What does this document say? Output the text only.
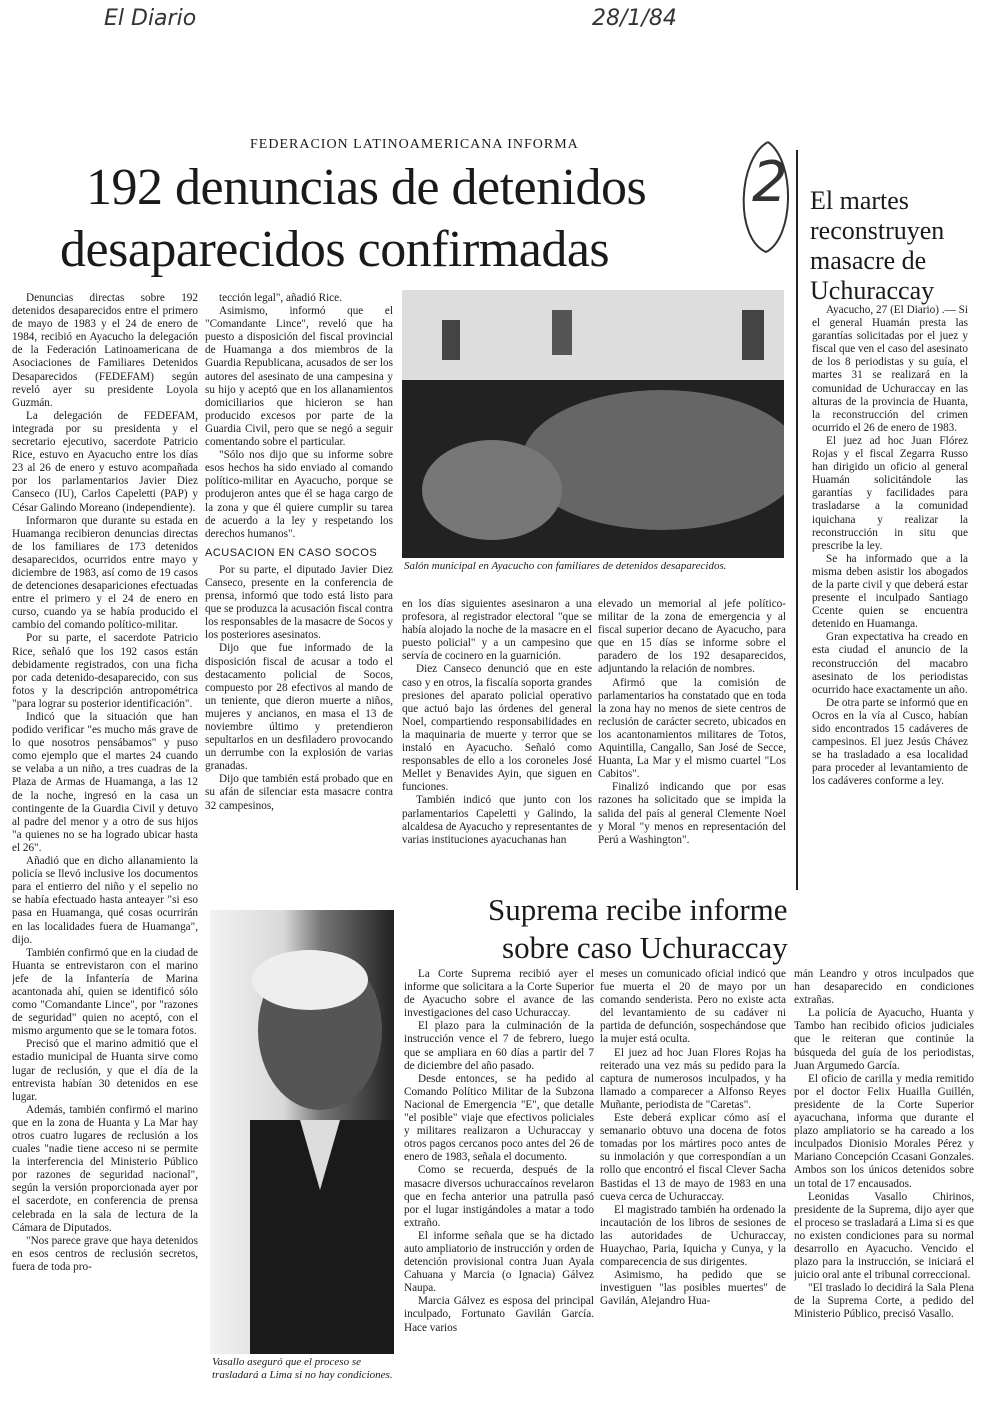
El Diario	28/1/84
2
FEDERACION LATINOAMERICANA INFORMA
192 denuncias de detenidos
desaparecidos confirmadas

Denuncias directas sobre 192 detenidos desaparecidos entre el primero de mayo de 1983 y el 24 de enero de 1984, recibió en Ayacucho la delegación de la Federación Latinoamericana de Asociaciones de Familiares Detenidos Desaparecidos (FEDEFAM) según reveló ayer su presidente Loyola Guzmán.

La delegación de FEDEFAM, integrada por su presidenta y el secretario ejecutivo, sacerdote Patricio Rice, estuvo en Ayacucho entre los días 23 al 26 de enero y estuvo acompañada por los parlamentarios Javier Diez Canseco (IU), Carlos Capeletti (PAP) y César Galindo Moreano (independiente).

Informaron que durante su estada en Huamanga recibieron denuncias directas de los familiares de 173 detenidos desaparecidos, ocurridos entre mayo y diciembre de 1983, así como de 19 casos de detenciones desapariciones efectuadas entre el primero y el 24 de enero en curso, cuando ya se había producido el cambio del comando político-militar.

Por su parte, el sacerdote Patricio Rice, señaló que los 192 casos están debidamente registrados, con una ficha por cada detenido-desaparecido, con sus fotos y la descripción antropométrica "para lograr su posterior identificación".

Indicó que la situación que han podido verificar "es mucho más grave de lo que nosotros pensábamos" y puso como ejemplo que el martes 24 cuando se velaba a un niño, a tres cuadras de la Plaza de Armas de Huamanga, a las 12 de la noche, ingresó en la casa un contingente de la Guardia Civil y detuvo al padre del menor y a otro de sus hijos "a quienes no se ha logrado ubicar hasta el 26".

Añadió que en dicho allanamiento la policía se llevó inclusive los documentos para el entierro del niño y el sepelio no se había efectuado hasta anteayer "si eso pasa en Huamanga, qué cosas ocurrirán en las localidades fuera de Huamanga", dijo.

También confirmó que en la ciudad de Huanta se entrevistaron con el marino jefe de la Infantería de Marina acantonada ahí, quien se identificó sólo como "Comandante Lince", por "razones de seguridad" quien no aceptó, con el mismo argumento que se le tomara fotos.

Precisó que el marino admitió que el estadio municipal de Huanta sirve como lugar de reclusión, y que el día de la entrevista habían 30 detenidos en ese lugar.

Además, también confirmó el marino que en la zona de Huanta y La Mar hay otros cuatro lugares de reclusión a los cuales "nadie tiene acceso ni se permite la interferencia del Ministerio Público por razones de seguridad nacional", según la versión proporcionada ayer por el sacerdote, en conferencia de prensa celebrada en la sala de lectura de la Cámara de Diputados.

"Nos parece grave que haya detenidos en esos centros de reclusión secretos, fuera de toda pro-

tección legal", añadió Rice.

Asimismo, informó que el "Comandante Lince", reveló que ha puesto a disposición del fiscal provincial de Huamanga a dos miembros de la Guardia Republicana, acusados de ser los autores del asesinato de una campesina y su hijo y aceptó que en los allanamientos domiciliarios que hicieron se han producido excesos por parte de la Guardia Civil, pero que se negó a seguir comentando sobre el particular.

"Sólo nos dijo que su informe sobre esos hechos ha sido enviado al comando político-militar en Ayacucho, porque se produjeron antes que él se haga cargo de la zona y que él quiere cumplir su tarea de acuerdo a la ley y respetando los derechos humanos".

ACUSACION EN CASO SOCOS

Por su parte, el diputado Javier Diez Canseco, presente en la conferencia de prensa, informó que todo está listo para que se produzca la acusación fiscal contra los responsables de la masacre de Socos y los posteriores asesinatos.

Dijo que fue informado de la disposición fiscal de acusar a todo el destacamento policial de Socos, compuesto por 28 efectivos al mando de un teniente, que dieron muerte a niños, mujeres y ancianos, en masa el 13 de noviembre último y pretendieron sepultarlos en un desfiladero provocando un derrumbe con la explosión de varias granadas.

Dijo que también está probado que en su afán de silenciar esta masacre contra 32 campesinos,

Salón municipal en Ayacucho con familiares de detenidos desaparecidos.

en los días siguientes asesinaron a una profesora, al registrador electoral "que se había alojado la noche de la masacre en el puesto policial" y a un campesino que servía de cocinero en la guarnición.

Diez Canseco denunció que en este caso y en otros, la fiscalía soporta grandes presiones del aparato policial operativo que actuó bajo las órdenes del general Noel, compartiendo responsabilidades en la maquinaria de muerte y terror que se instaló en Ayacucho. Señaló como responsables de ello a los coroneles José Mellet y Benavides Ayin, que siguen en funciones.

También indicó que junto con los parlamentarios Capeletti y Galindo, la alcaldesa de Ayacucho y representantes de varias instituciones ayacuchanas han

elevado un memorial al jefe político-militar de la zona de emergencia y al fiscal superior decano de Ayacucho, para que en 15 días se informe sobre el paradero de los 192 desaparecidos, adjuntando la relación de nombres.

Afirmó que la comisión de parlamentarios ha constatado que en toda la zona hay no menos de siete centros de reclusión de carácter secreto, ubicados en los acantonamientos militares de Totos, Aquintilla, Cangallo, San José de Secce, Huanta, La Mar y el mismo cuartel "Los Cabitos".

Finalizó indicando que por esas razones ha solicitado que se impida la salida del país al general Clemente Noel y Moral "y menos en representación del Perú a Washington".

El martes reconstruyen masacre de Uchuraccay

Ayacucho, 27 (El Diario) .— Si el general Huamán presta las garantías solicitadas por el juez y fiscal que ven el caso del asesinato de los 8 periodistas y su guía, el martes 31 se realizará en la comunidad de Uchuraccay en las alturas de la provincia de Huanta, la reconstrucción del crimen ocurrido el 26 de enero de 1983.

El juez ad hoc Juan Flórez Rojas y el fiscal Zegarra Russo han dirigido un oficio al general Huamán solicitándole las garantías y facilidades para trasladarse a la comunidad iquichana y realizar la reconstrucción in situ que prescribe la ley.

Se ha informado que a la misma deben asistir los abogados de la parte civil y que deberá estar presente el inculpado Santiago Ccente quien se encuentra detenido en Huamanga.

Gran expectativa ha creado en esta ciudad el anuncio de la reconstrucción del macabro asesinato de los periodistas ocurrido hace exactamente un año.

De otra parte se informó que en Ocros en la vía al Cusco, habían sido encontrados 15 cadáveres de campesinos. El juez Jesús Chávez se ha trasladado a esa localidad para proceder al levantamiento de los cadáveres conforme a ley.

Suprema recibe informe
sobre caso Uchuraccay
Vasallo aseguró que el proceso se trasladará a Lima si no hay condiciones.

La Corte Suprema recibió ayer el informe que solicitara a la Corte Superior de Ayacucho sobre el avance de las investigaciones del caso Uchuraccay.

El plazo para la culminación de la instrucción vence el 7 de febrero, luego que se ampliara en 60 días a partir del 7 de diciembre del año pasado.

Desde entonces, se ha pedido al Comando Político Militar de la Subzona Nacional de Emergencia "E", que detalle "el posible" viaje que efectivos policiales y militares realizaron a Uchuraccay y otros pagos cercanos poco antes del 26 de enero de 1983, señala el documento.

Como se recuerda, después de la masacre diversos uchuraccaínos revelaron que en fecha anterior una patrulla pasó por el lugar instigándoles a matar a todo extraño.

El informe señala que se ha dictado auto ampliatorio de instrucción y orden de detención provisional contra Juan Ayala Cahuana y Marcia (o Ignacia) Gálvez Naupa.

Marcia Gálvez es esposa del principal inculpado, Fortunato Gavilán García. Hace varios

meses un comunicado oficial indicó que fue muerta el 20 de mayo por un comando senderista. Pero no existe acta del levantamiento de su cadáver ni partida de defunción, sospechándose que la mujer está oculta.

El juez ad hoc Juan Flores Rojas ha reiterado una vez más su pedido para la captura de numerosos inculpados, y ha llamado a comparecer a Alfonso Reyes Muñante, periodista de "Caretas".

Este deberá explicar cómo así el semanario obtuvo una docena de fotos tomadas por los mártires poco antes de su inmolación y que correspondían a un rollo que encontró el fiscal Clever Sacha Bastidas el 13 de mayo de 1983 en una cueva cerca de Uchuraccay.

El magistrado también ha ordenado la incautación de los libros de sesiones de las autoridades de Uchuraccay, Huaychao, Paria, Iquicha y Cunya, y la comparecencia de sus dirigentes.

Asimismo, ha pedido que se investiguen "las posibles muertes" de Gavilán, Alejandro Hua-

mán Leandro y otros inculpados que han desaparecido en condiciones extrañas.

La policía de Ayacucho, Huanta y Tambo han recibido oficios judiciales que le reiteran que continúe la búsqueda del guía de los periodistas, Juan Argumedo García.

El oficio de carilla y media remitido por el doctor Felix Huailla Guillén, presidente de la Corte Superior ayacuchana, informa que durante el plazo ampliatorio se ha careado a los inculpados Dionisio Morales Pérez y Mariano Concepción Ccasani Gonzales. Ambos son los únicos detenidos sobre un total de 17 encausados.

Leonidas Vasallo Chirinos, presidente de la Suprema, dijo ayer que el proceso se trasladará a Lima si es que no existen condiciones para su normal desarrollo en Ayacucho. Vencido el plazo para la instrucción, se iniciará el juicio oral ante el tribunal correccional.

"El traslado lo decidirá la Sala Plena de la Suprema Corte, a pedido del Ministerio Público, precisó Vasallo.
